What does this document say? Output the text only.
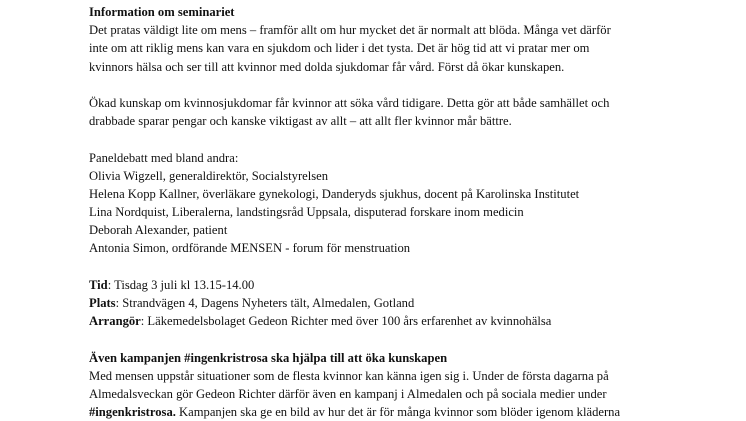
Information om seminariet
Det pratas väldigt lite om mens – framför allt om hur mycket det är normalt att blöda. Många vet därför
inte om att riklig mens kan vara en sjukdom och lider i det tysta. Det är hög tid att vi pratar mer om
kvinnors hälsa och ser till att kvinnor med dolda sjukdomar får vård. Först då ökar kunskapen.
Ökad kunskap om kvinnosjukdomar får kvinnor att söka vård tidigare. Detta gör att både samhället och
drabbade sparar pengar och kanske viktigast av allt – att allt fler kvinnor mår bättre.
Paneldebatt med bland andra:
Olivia Wigzell, generaldirektör, Socialstyrelsen
Helena Kopp Kallner, överläkare gynekologi, Danderyds sjukhus, docent på Karolinska Institutet
Lina Nordquist, Liberalerna, landstingsråd Uppsala, disputerad forskare inom medicin
Deborah Alexander, patient
Antonia Simon, ordförande MENSEN - forum för menstruation
Tid: Tisdag 3 juli kl 13.15-14.00
Plats: Strandvägen 4, Dagens Nyheters tält, Almedalen, Gotland
Arrangör: Läkemedelsbolaget Gedeon Richter med över 100 års erfarenhet av kvinnohälsa
Även kampanjen #ingenkristrosa ska hjälpa till att öka kunskapen
Med mensen uppstår situationer som de flesta kvinnor kan känna igen sig i. Under de första dagarna på
Almedalsveckan gör Gedeon Richter därför även en kampanj i Almedalen och på sociala medier under
#ingenkristrosa. Kampanjen ska ge en bild av hur det är för många kvinnor som blöder igenom kläderna
